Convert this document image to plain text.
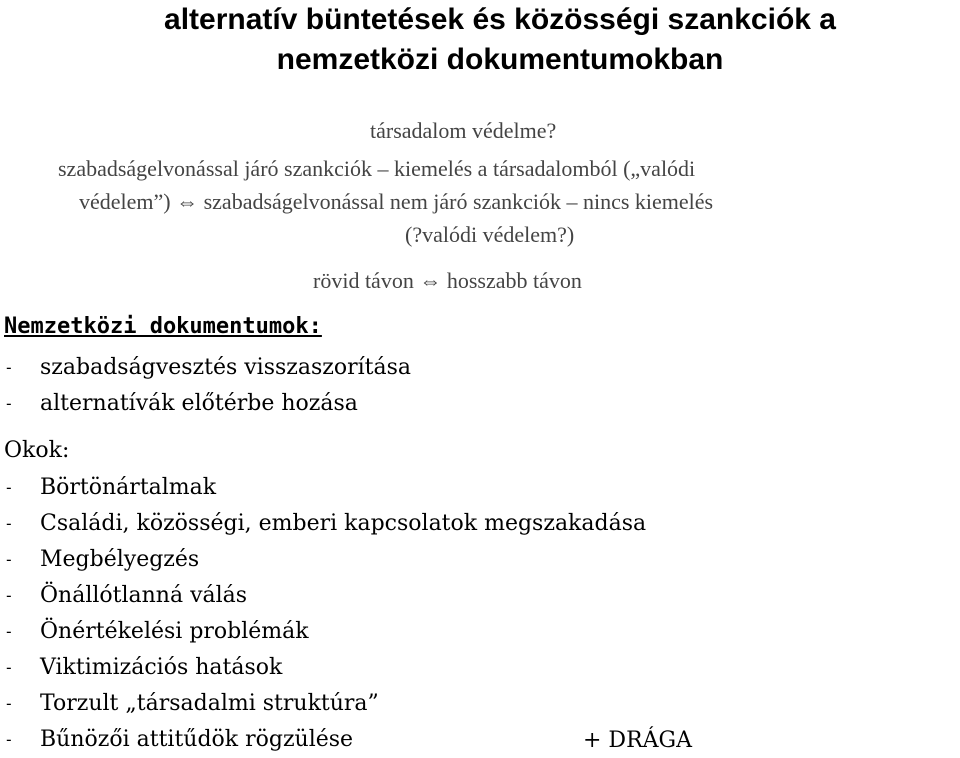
alternatív büntetések és közösségi szankciók a
nemzetközi dokumentumokban
társadalom védelme?
szabadságelvonással járó szankciók – kiemelés a társadalomból („valódi
védelem”) ⇔ szabadságelvonással nem járó szankciók – nincs kiemelés
(?valódi védelem?)
rövid távon ⇔ hosszabb távon
Nemzetközi dokumentumok:
- szabadságvesztés visszaszorítása
- alternatívák előtérbe hozása
Okok:
- Börtönártalmak
- Családi, közösségi, emberi kapcsolatok megszakadása
- Megbélyegzés
- Önállótlanná válás
- Önértékelési problémák
- Viktimizációs hatások
- Torzult „társadalmi struktúra”
- Bűnözői attitűdök rögzülése	+ DRÁGA
